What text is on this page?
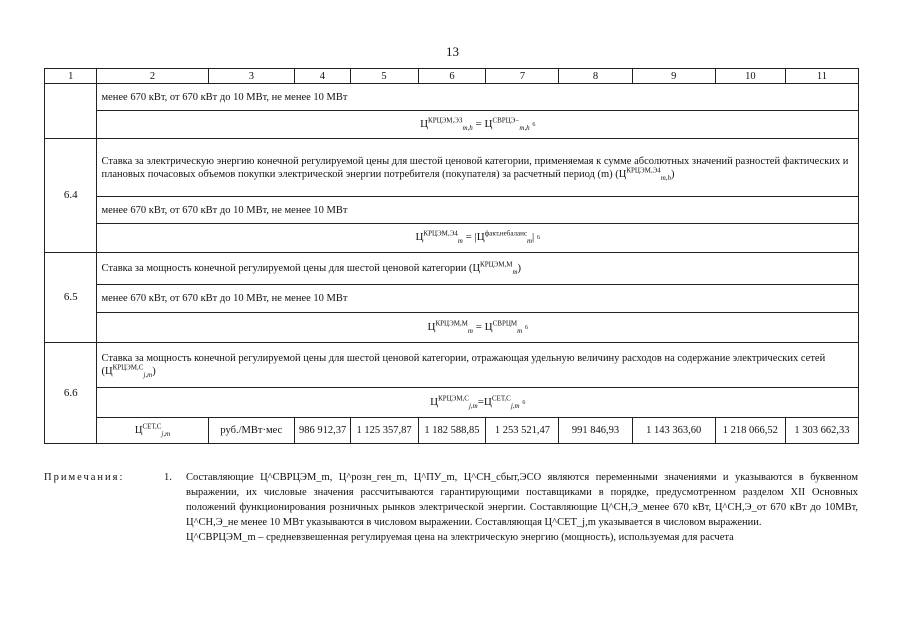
13
1	2	3	4	5	6	7	8	9	10	11
	менее 670 кВт, от 670 кВт до 10 МВт, не менее 10 МВт									
	$Ц^{КРЦЭМ,ЭЗ}_{m,h} = Ц^{СВРЦЭ-}_{m,h}$ 6									
6.4	Ставка за электрическую энергию конечной регулируемой цены для шестой ценовой категории, применяемая к сумме абсолютных значений разностей фактических и плановых почасовых объемов покупки электрической энергии потребителя (покупателя) за расчетный период (m) $(Ц^{КРЦЭМ,Э4}_{m,h})$									
	менее 670 кВт, от 670 кВт до 10 МВт, не менее 10 МВт									
	$Ц^{КРЦЭМ,Э4}_m = |Ц^{факт,небаланс}_m|$ 6									
6.5	Ставка за мощность конечной регулируемой цены для шестой ценовой категории $(Ц^{КРЦЭМ,М}_m)$									
	менее 670 кВт, от 670 кВт до 10 МВт, не менее 10 МВт									
	$Ц^{КРЦЭМ,М}_m = Ц^{СВРЦМ}_m$ 6									
6.6	Ставка за мощность конечной регулируемой цены для шестой ценовой категории, отражающая удельную величину расходов на содержание электрических сетей $(Ц^{КРЦЭМ,С}_{j,m})$									
	$Ц^{КРЦЭМ,С}_{j,m}=Ц^{СЕТ,С}_{j,m}$ 6									
	$Ц^{СЕТ,С}_{j,m}$	руб./МВт·мес	986 912,37	1 125 357,87	1 182 588,85	1 253 521,47	991 846,93	1 143 363,60	1 218 066,52	1 303 662,33
Примечания:	1. Составляющие Ц^СВРЦЭМ_m, Ц^розн_ген_m, Ц^ПУ_m, Ц^СН_сбыт,ЭСО являются переменными значениями и указываются в буквенном выражении, их числовые значения рассчитываются гарантирующими поставщиками в порядке, предусмотренном разделом XII Основных положений функционирования розничных рынков электрической энергии. Составляющие Ц^СН,Э_менее 670 кВт, Ц^СН,Э_от 670 кВт до 10МВт, Ц^СН,Э_не менее 10 МВт указываются в числовом выражении. Составляющая Ц^СЕТ_j,m указывается в числовом выражении.

Ц^СВРЦЭМ_m – средневзвешенная регулируемая цена на электрическую энергию (мощность), используемая для расчета
